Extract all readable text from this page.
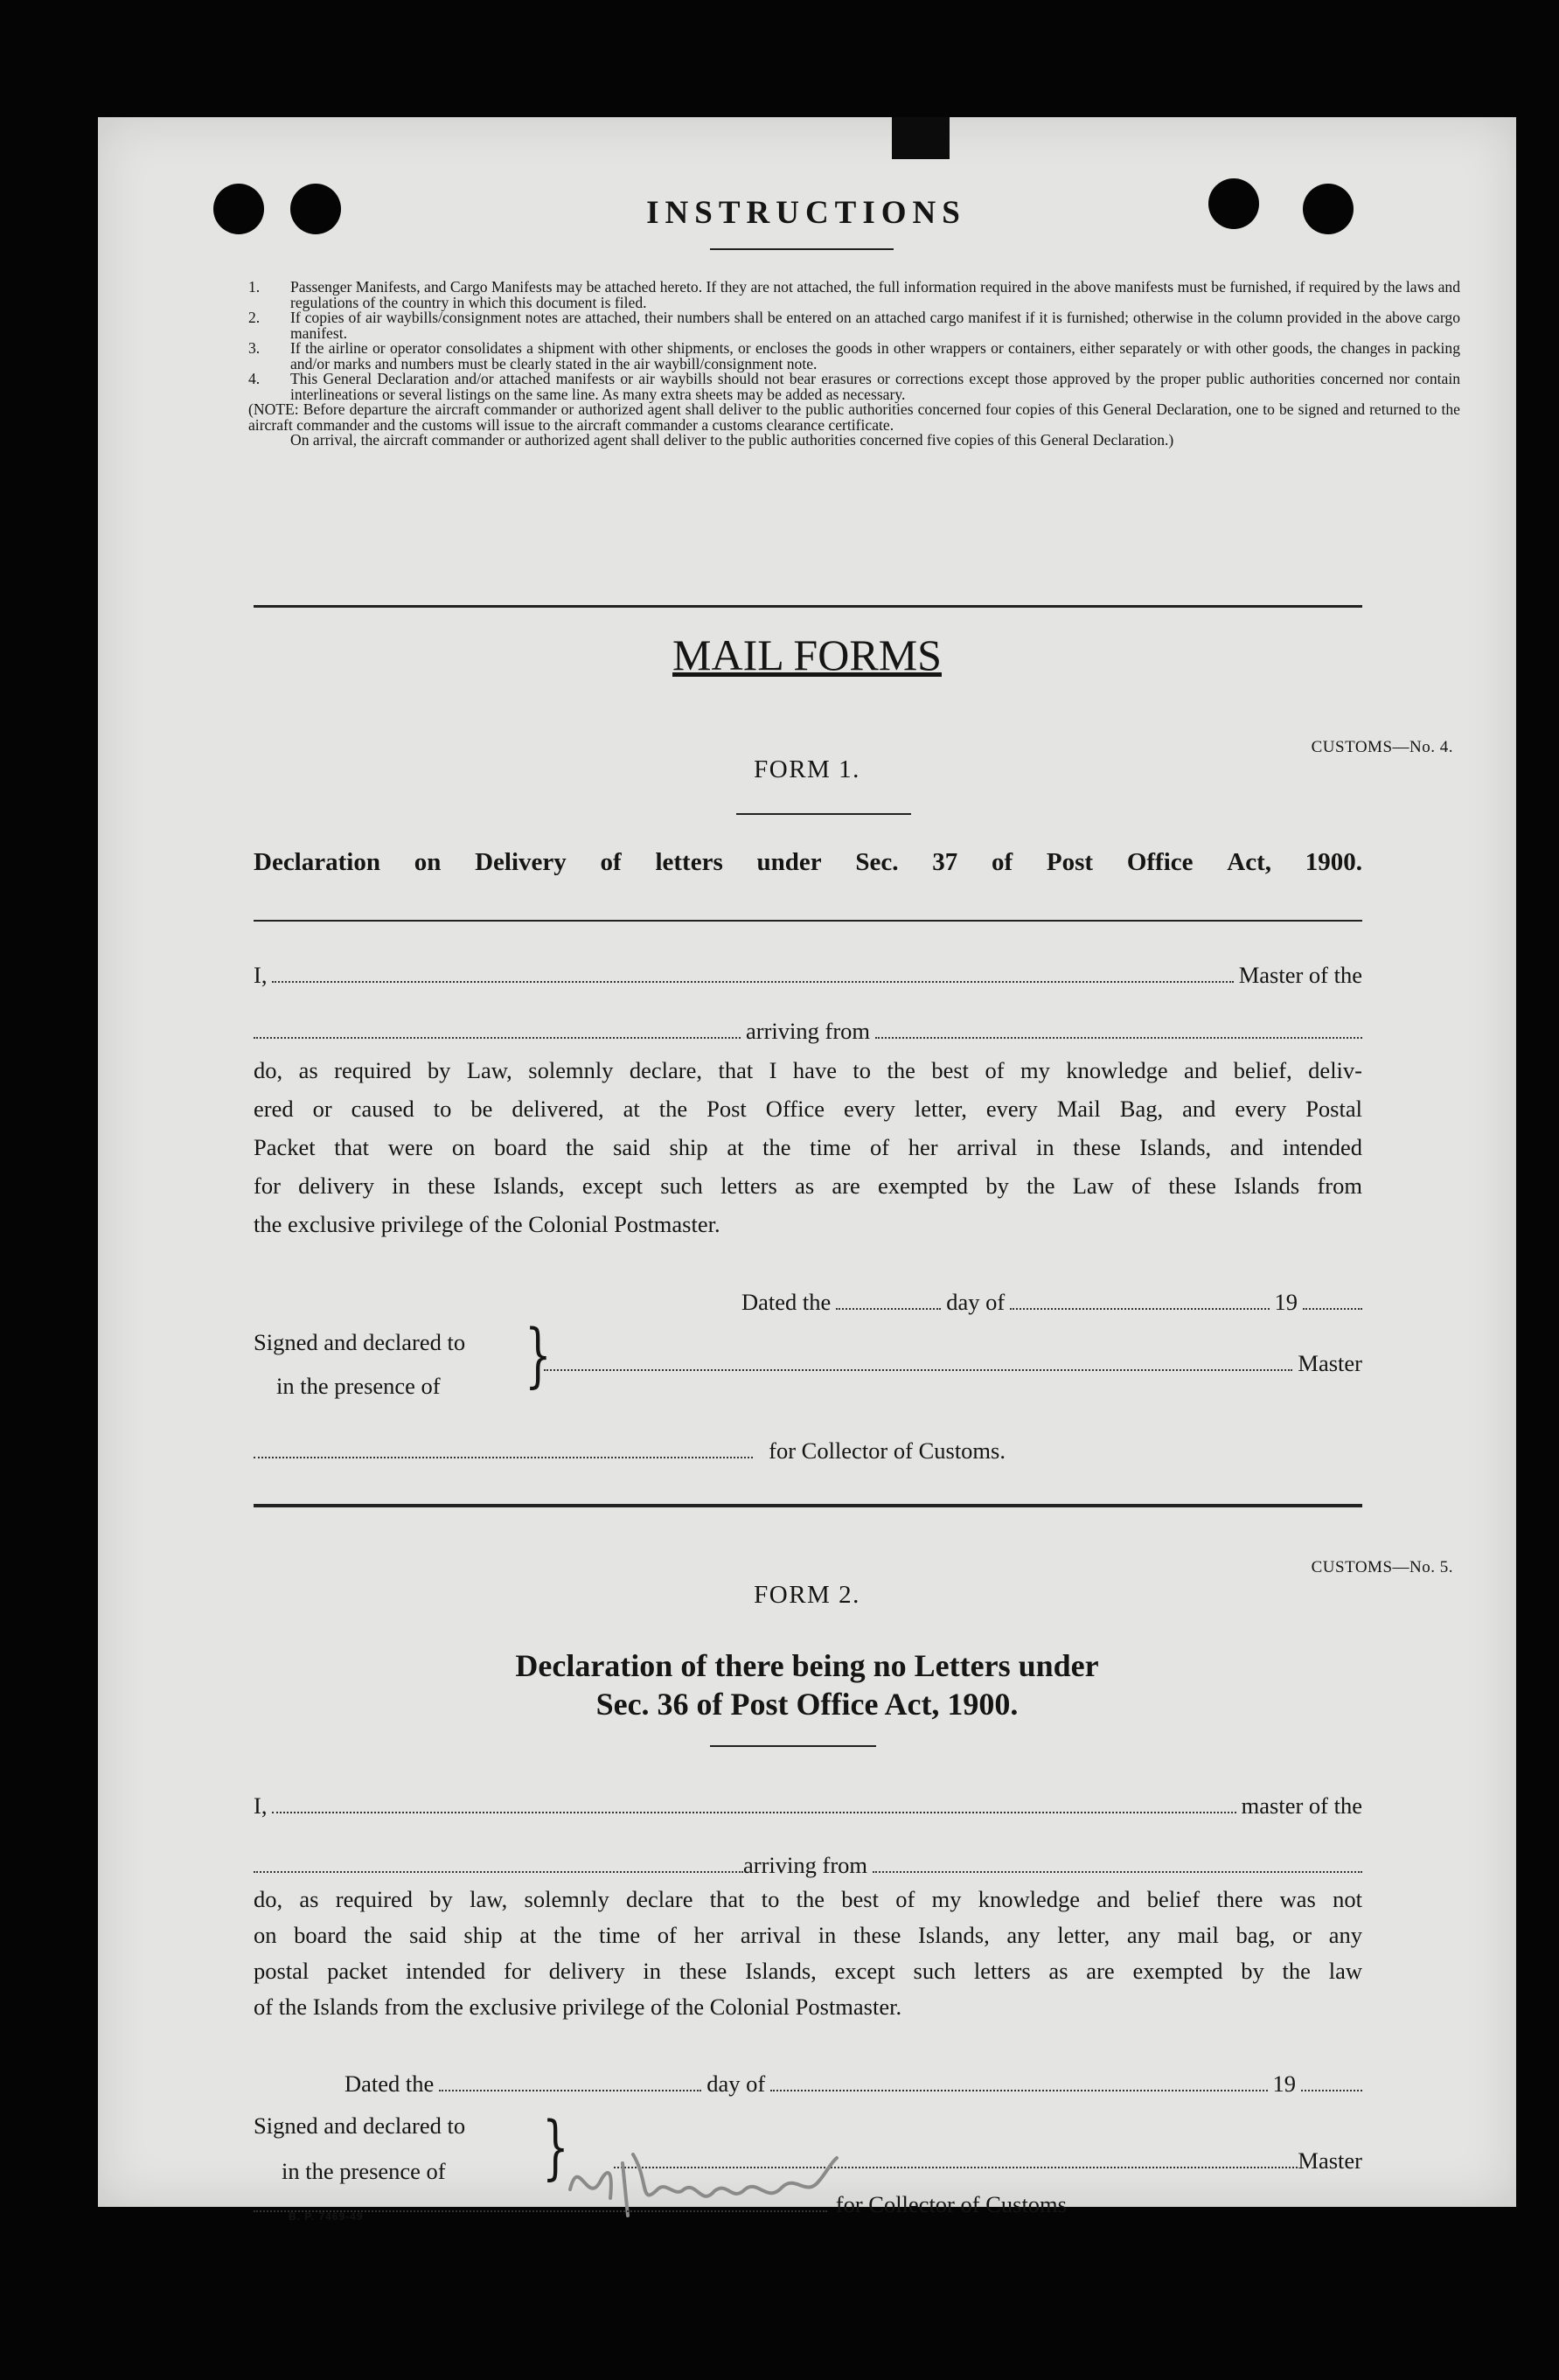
INSTRUCTIONS
1.	Passenger Manifests, and Cargo Manifests may be attached hereto. If they are not attached, the full information required in the above manifests must be furnished, if required by the laws and regulations of the country in which this document is filed.
2.	If copies of air waybills/consignment notes are attached, their numbers shall be entered on an attached cargo manifest if it is furnished; otherwise in the column provided in the above cargo manifest.
3.	If the airline or operator consolidates a shipment with other shipments, or encloses the goods in other wrappers or containers, either separately or with other goods, the changes in packing and/or marks and numbers must be clearly stated in the air waybill/consignment note.
4.	This General Declaration and/or attached manifests or air waybills should not bear erasures or corrections except those approved by the proper public authorities concerned nor contain interlineations or several listings on the same line. As many extra sheets may be added as necessary.
(NOTE: Before departure the aircraft commander or authorized agent shall deliver to the public authorities concerned four copies of this General Declaration, one to be signed and returned to the aircraft commander and the customs will issue to the aircraft commander a customs clearance certificate.
On arrival, the aircraft commander or authorized agent shall deliver to the public authorities concerned five copies of this General Declaration.)
MAIL FORMS
CUSTOMS—No. 4.
FORM 1.
Declaration on Delivery of letters under Sec. 37 of Post Office Act, 1900.
I,	Master of the
arriving from
do, as required by Law, solemnly declare, that I have to the best of my knowledge and belief, deliv-
ered or caused to be delivered, at the Post Office every letter, every Mail Bag, and every Postal
Packet that were on board the said ship at the time of her arrival in these Islands, and intended
for delivery in these Islands, except such letters as are exempted by the Law of these Islands from
the exclusive privilege of the Colonial Postmaster.
Dated the	day of	19
Signed and declared to
in the presence of }	Master
for Collector of Customs.
CUSTOMS—No. 5.
FORM 2.
Declaration of there being no Letters under
Sec. 36 of Post Office Act, 1900.
I,	master of the
arriving from
do, as required by law, solemnly declare that to the best of my knowledge and belief there was not
on board the said ship at the time of her arrival in these Islands, any letter, any mail bag, or any
postal packet intended for delivery in these Islands, except such letters as are exempted by the law
of the Islands from the exclusive privilege of the Colonial Postmaster.
Dated the	day of	19
Signed and declared to
in the presence of }	Master
for Collector of Customs
B. P. 7469-49
